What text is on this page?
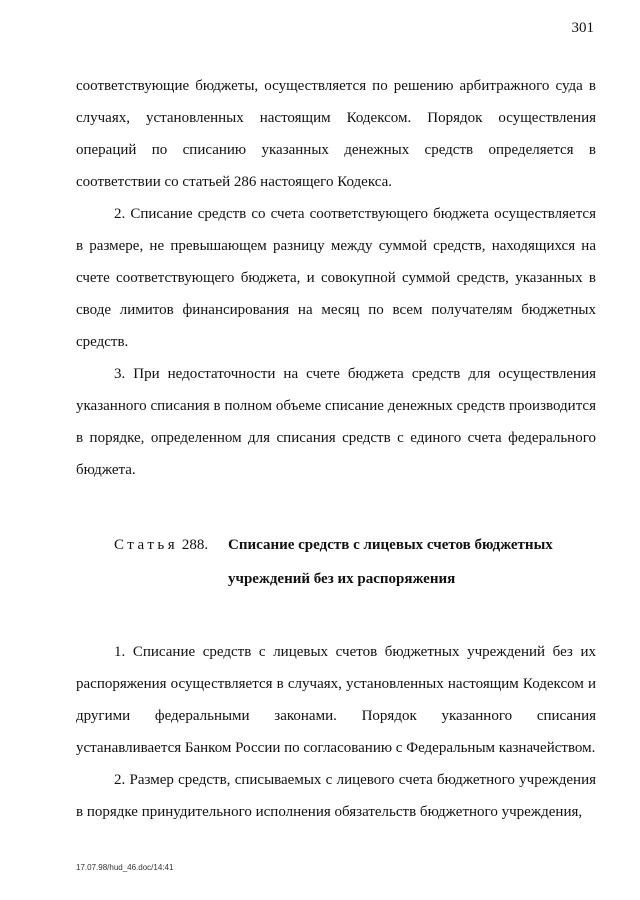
301

соответствующие бюджеты, осуществляется по решению арбитражного суда в случаях, установленных настоящим Кодексом. Порядок осуществления операций по списанию указанных денежных средств определяется в соответствии со статьей 286 настоящего Кодекса.

2. Списание средств со счета соответствующего бюджета осуществляется в размере, не превышающем разницу между суммой средств, находящихся на счете соответствующего бюджета, и совокупной суммой средств, указанных в своде лимитов финансирования на месяц по всем получателям бюджетных средств.

3. При недостаточности на счете бюджета средств для осуществления указанного списания в полном объеме списание денежных средств производится в порядке, определенном для списания средств с единого счета федерального бюджета.

Статья 288.	Списание средств с лицевых счетов бюджетных
учреждений без их распоряжения

1. Списание средств с лицевых счетов бюджетных учреждений без их распоряжения осуществляется в случаях, установленных настоящим Кодексом и другими федеральными законами. Порядок указанного списания устанавливается Банком России по согласованию с Федеральным казначейством.

2. Размер средств, списываемых с лицевого счета бюджетного учреждения в порядке принудительного исполнения обязательств бюджетного учреждения,

17.07.98/hud_46.doc/14:41
